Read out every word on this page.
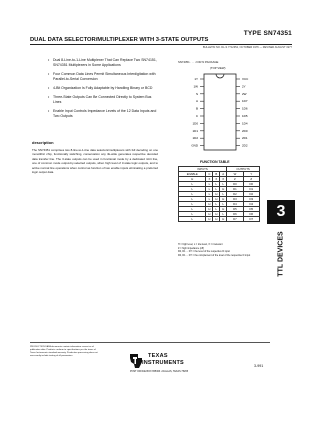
TYPE SN74351
DUAL DATA SELECTOR/MULTIPLEXER WITH 3-STATE OUTPUTS
BULLETIN NO. DL-S 7712352, OCTOBER 1976 — REVISED AUGUST 1977
• Dual 8-Line-to-1-Line Multiplexer That Can Replace Two SN74151, SN74351 Multiplexers in Some Applications
• Four Common Data Lines Permit Simultaneous Interdigitation with Parallel-to-Serial Conversion
• 4-Bit Organization Is Fully Adaptable by Handling Binary or BCD
• Three-State Outputs Can Be Connected Directly to System Bus Lines
• Enable Input Controls Impedance Levels of the 12 Data Inputs and Two Outputs
description
The SN74351 comprises two 8-line-to-1-line data selectors/multiplexers with full decoding on one monolithic chip, functionally switching, conservation any 4k-wide generates respective decoded data transfer line. The 3-state outputs can be used in functional mode by a dedicated 4-bit line, one of common mode output-by-selected outputs, when high level of 3-state logic outputs, and to active normal line operations when control as function of two enable inputs eliminating a preferred logic output data.
SN74351 . . . J OR N PACKAGE
(TOP VIEW)
1Y
1W
S
A
B
C
1D0
1D1
1D2
GND
VCC
2Y
2W
1D7
1D6
1D5
1D4
2D0
2D1
2D2
FUNCTION TABLE
INPUTS				OUTPUTS	
ENABLE	C	B	A	W	Y
H	X	X	X	Z	Z
L	L	L	L	D0	D0
L	L	L	H	D1	D1
L	L	H	L	D2	D2
L	L	H	H	D3	D3
L	H	L	L	D4	D4
L	H	L	H	D5	D5
L	H	H	L	D6	D6
L	H	H	H	D7	D7
H = high level, L = low level, X = irrelevant
Z = high impedance (off)
D0, D1 ... D7 = the level of the respective D input
D0, D1 ... D7 = the complement of the level of the respective D input
3
TTL DEVICES
PRODUCTION DATA documents contain information current as of publication date. Products conform to specifications per the terms of Texas Instruments standard warranty. Production processing does not necessarily include testing of all parameters.	TEXAS
INSTRUMENTS
POST OFFICE BOX 655303 • DALLAS, TEXAS 75265
3-991
